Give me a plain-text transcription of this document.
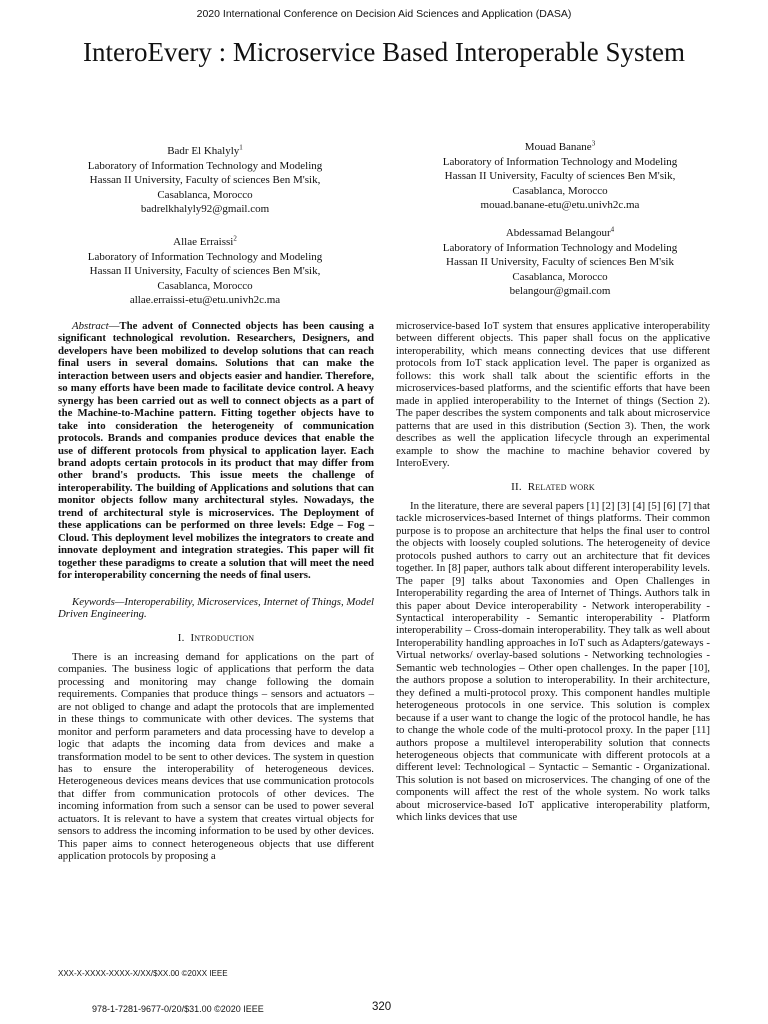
2020 International Conference on Decision Aid Sciences and Application (DASA)
InteroEvery : Microservice Based Interoperable System
Badr El Khalyly$^1$
Laboratory of Information Technology and Modeling
Hassan II University, Faculty of sciences Ben M'sik,
Casablanca, Morocco
badrelkhalyly92@gmail.com
Allae Erraissi$^2$
Laboratory of Information Technology and Modeling
Hassan II University, Faculty of sciences Ben M'sik,
Casablanca, Morocco
allae.erraissi-etu@etu.univh2c.ma
Mouad Banane$^3$
Laboratory of Information Technology and Modeling
Hassan II University, Faculty of sciences Ben M'sik,
Casablanca, Morocco
mouad.banane-etu@etu.univh2c.ma
Abdessamad Belangour$^4$
Laboratory of Information Technology and Modeling
Hassan II University, Faculty of sciences Ben M'sik
Casablanca, Morocco
belangour@gmail.com

Abstract—The advent of Connected objects has been causing a significant technological revolution. Researchers, Designers, and developers have been mobilized to develop solutions that can reach final users in several domains. Solutions that can make the interaction between users and objects easier and handier. Therefore, so many efforts have been made to facilitate device control. A heavy synergy has been carried out as well to connect objects as a part of the Machine-to-Machine pattern. Fitting together objects have to take into consideration the heterogeneity of communication protocols. Brands and companies produce devices that enable the use of different protocols from physical to application layer. Each brand adopts certain protocols in its product that may differ from other brand's products. This issue meets the challenge of interoperability. The building of Applications and solutions that can monitor objects follow many architectural styles. Nowadays, the trend of architectural style is microservices. The Deployment of these applications can be performed on three levels: Edge – Fog – Cloud. This deployment level mobilizes the integrators to create and innovate deployment and integration strategies. This paper will fit together these paradigms to create a solution that will meet the need for interoperability concerning the needs of final users.

Keywords—Interoperability, Microservices, Internet of Things, Model Driven Engineering.

I. Introduction

There is an increasing demand for applications on the part of companies. The business logic of applications that perform the data processing and monitoring may change following the domain requirements. Companies that produce things – sensors and actuators – are not obliged to change and adapt the protocols that are implemented in these things to communicate with other devices. The systems that monitor and perform parameters and data processing have to develop a logic that adapts the incoming data from devices and make a transformation model to be sent to other devices. The system in question has to ensure the interoperability of heterogeneous devices. Heterogeneous devices means devices that use communication protocols that differ from communication protocols of other devices. The incoming information from such a sensor can be used to power several actuators. It is relevant to have a system that creates virtual objects for sensors to address the incoming information to be used by other devices. This paper aims to connect heterogeneous objects that use different application protocols by proposing a

microservice-based IoT system that ensures applicative interoperability between different objects. This paper shall focus on the applicative interoperability, which means connecting devices that use different protocols from IoT stack application level. The paper is organized as follows: this work shall talk about the scientific efforts in the microservices-based platforms, and the scientific efforts that have been made in applied interoperability to the Internet of things (Section 2). The paper describes the system components and talk about microservice patterns that are used in this distribution (Section 3). Then, the work describes as well the application lifecycle through an experimental example to show the machine to machine behavior covered by InteroEvery.

II. Related work

In the literature, there are several papers [1] [2] [3] [4] [5] [6] [7] that tackle microservices-based Internet of things platforms. Their common purpose is to propose an architecture that helps the final user to control the objects with loosely coupled solutions. The heterogeneity of device protocols pushed authors to carry out an architecture that fit devices together. In [8] paper, authors talk about different interoperability levels. The paper [9] talks about Taxonomies and Open Challenges in Interoperability regarding the area of Internet of Things. Authors talk in this paper about Device interoperability - Network interoperability - Syntactical interoperability - Semantic interoperability - Platform interoperability – Cross-domain interoperability. They talk as well about Interoperability handling approaches in IoT such as Adapters/gateways - Virtual networks/ overlay-based solutions - Networking technologies - Semantic web technologies – Other open challenges. In the paper [10], the authors propose a solution to interoperability. In their architecture, they defined a multi-protocol proxy. This component handles multiple heterogeneous protocols in one service. This solution is complex because if a user want to change the logic of the protocol handle, he has to change the whole code of the multi-protocol proxy. In the paper [11] authors propose a multilevel interoperability solution that connects heterogeneous objects that communicate with different protocols at a different level: Technological – Syntactic – Semantic - Organizational. This solution is not based on microservices. The changing of one of the components will affect the rest of the whole system. No work talks about microservice-based IoT applicative interoperability platform, which links devices that use

XXX-X-XXXX-XXXX-X/XX/$XX.00 ©20XX IEEE
978-1-7281-9677-0/20/$31.00 ©2020 IEEE	320
